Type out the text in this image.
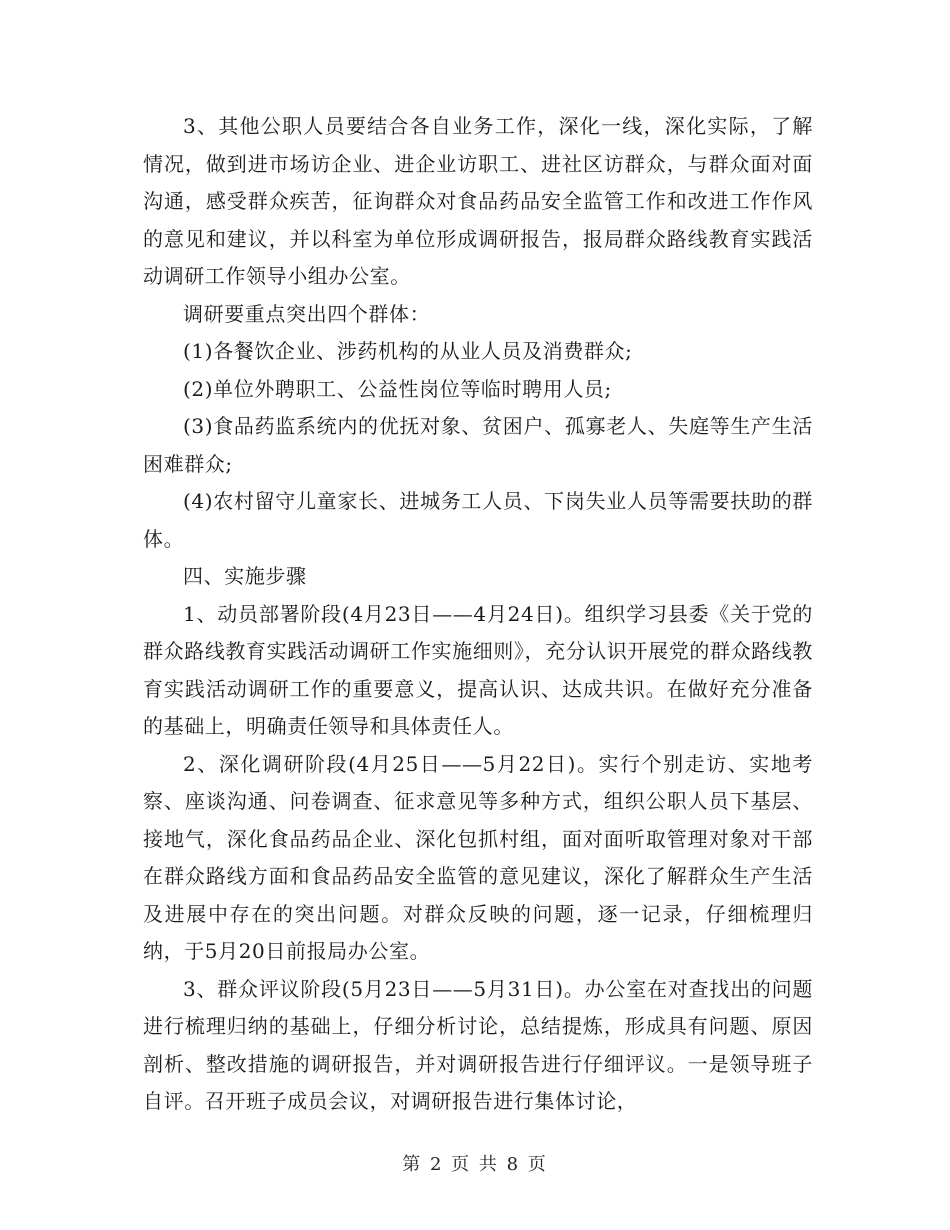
3、其他公职人员要结合各自业务工作，深化一线，深化实际，了解情况，做到进市场访企业、进企业访职工、进社区访群众，与群众面对面沟通，感受群众疾苦，征询群众对食品药品安全监管工作和改进工作作风的意见和建议，并以科室为单位形成调研报告，报局群众路线教育实践活动调研工作领导小组办公室。

调研要重点突出四个群体：

(1)各餐饮企业、涉药机构的从业人员及消费群众;

(2)单位外聘职工、公益性岗位等临时聘用人员;

(3)食品药监系统内的优抚对象、贫困户、孤寡老人、失庭等生产生活困难群众;

(4)农村留守儿童家长、进城务工人员、下岗失业人员等需要扶助的群体。

四、实施步骤

1、动员部署阶段(4月23日——4月24日)。组织学习县委《关于党的群众路线教育实践活动调研工作实施细则》，充分认识开展党的群众路线教育实践活动调研工作的重要意义，提高认识、达成共识。在做好充分准备的基础上，明确责任领导和具体责任人。

2、深化调研阶段(4月25日——5月22日)。实行个别走访、实地考察、座谈沟通、问卷调查、征求意见等多种方式，组织公职人员下基层、接地气，深化食品药品企业、深化包抓村组，面对面听取管理对象对干部在群众路线方面和食品药品安全监管的意见建议，深化了解群众生产生活及进展中存在的突出问题。对群众反映的问题，逐一记录，仔细梳理归纳，于5月20日前报局办公室。

3、群众评议阶段(5月23日——5月31日)。办公室在对查找出的问题进行梳理归纳的基础上，仔细分析讨论，总结提炼，形成具有问题、原因剖析、整改措施的调研报告，并对调研报告进行仔细评议。一是领导班子自评。召开班子成员会议，对调研报告进行集体讨论，

第 2 页 共 8 页
